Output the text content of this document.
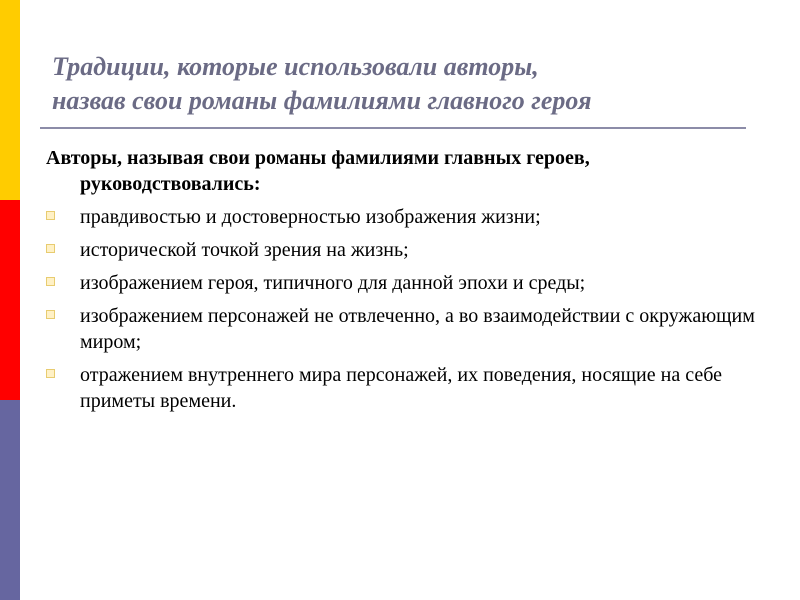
Традиции, которые использовали авторы,
назвав свои романы фамилиями главного героя

Авторы, называя свои романы фамилиями главных героев, руководствовались:

правдивостью и достоверностью изображения жизни;
исторической точкой зрения на жизнь;
изображением героя, типичного для данной эпохи и среды;
изображением персонажей не отвлеченно, а во взаимодействии с окружающим миром;
отражением внутреннего мира персонажей, их поведения, носящие на себе приметы времени.
